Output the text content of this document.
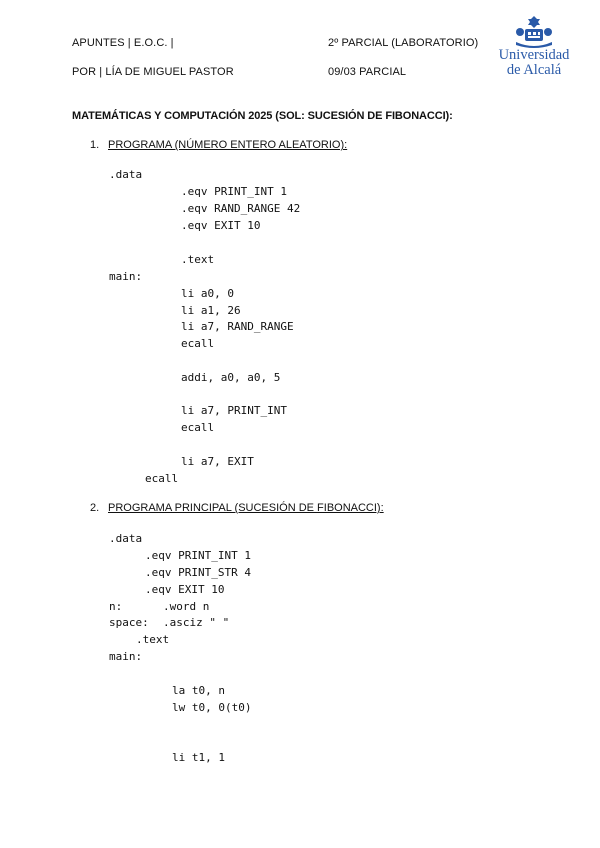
APUNTES | E.O.C. |
POR | LÍA DE MIGUEL PASTOR
2º PARCIAL (LABORATORIO)
09/03 PARCIAL
Universidad
de Alcalá
MATEMÁTICAS Y COMPUTACIÓN 2025 (SOL: SUCESIÓN DE FIBONACCI):
1. PROGRAMA (NÚMERO ENTERO ALEATORIO):
.data
.eqv PRINT_INT 1
.eqv RAND_RANGE 42
.eqv EXIT 10
.text
main:
li a0, 0
li a1, 26
li a7, RAND_RANGE
ecall
addi, a0, a0, 5
li a7, PRINT_INT
ecall
li a7, EXIT
ecall
2. PROGRAMA PRINCIPAL (SUCESIÓN DE FIBONACCI):
.data
.eqv PRINT_INT 1
.eqv PRINT_STR 4
.eqv EXIT 10
n:	.word n
space: .asciz " "
.text
main:
la t0, n
lw t0, 0(t0)
li t1, 1
